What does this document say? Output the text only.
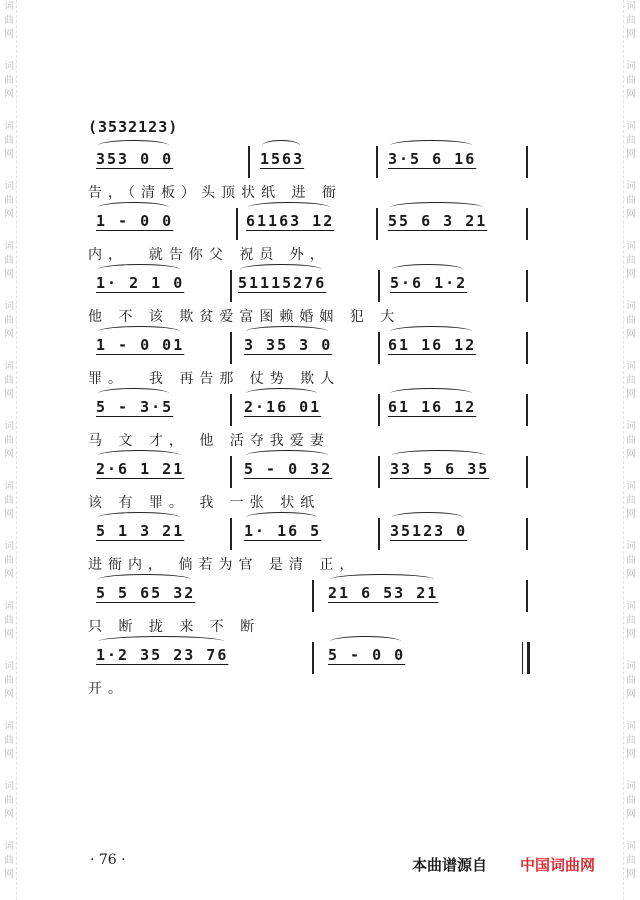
词
曲
网
词
曲
网
词
曲
网
词
曲
网
词
曲
网
词
曲
网
词
曲
网
词
曲
网
词
曲
网
词
曲
网
词
曲
网
词
曲
网
词
曲
网
词
曲
网
词
曲
网
词
曲
网
词
曲
网
词
曲
网
词
曲
网
词
曲
网
词
曲
网
词
曲
网
词
曲
网
词
曲
网
词
曲
网
词
曲
网
词
曲
网
词
曲
网
词
曲
网
词
曲
网
(3532123)
353 0 0	1563	3·5 6 16
告，（清板）头顶状纸 进 衙
1 - 0 0	61163 12	55 6 3 21
内，  就告你父 祝员 外，
1· 2 1 0	51115276	5·6 1·2
他 不 该 欺贫爱富图赖婚姻 犯 大
1 - 0 01	3 35 3 0	61 16 12
罪。  我 再告那 仗势 欺人
5 - 3·5	2·16 01	61 16 12
马 文 才， 他 活夺我爱妻
2·6 1 21	5 - 0 32	33 5 6 35
该 有 罪。 我 一张 状纸
5 1 3 21	1· 16 5	35123 0
进衙内， 倘若为官 是清 正，
5 5 65 32	21 6 53 21
只 断 拢 来 不 断
1·2 35 23 76	5 - 0 0
开。
· 76 ·	本曲谱源自 中国词曲网
